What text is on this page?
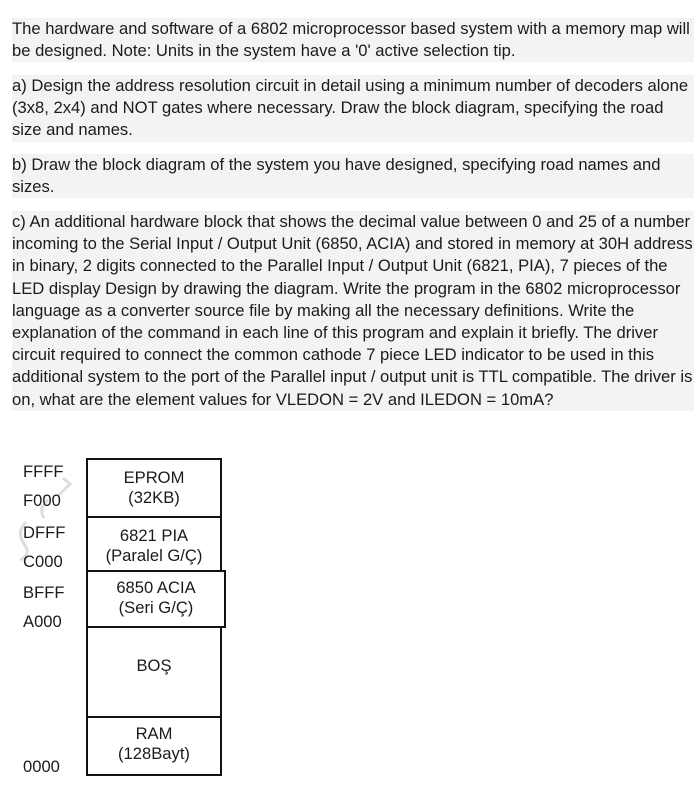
The hardware and software of a 6802 microprocessor based system with a memory map will be designed. Note: Units in the system have a '0' active selection tip.

a) Design the address resolution circuit in detail using a minimum number of decoders alone (3x8, 2x4) and NOT gates where necessary. Draw the block diagram, specifying the road size and names.

b) Draw the block diagram of the system you have designed, specifying road names and sizes.

c) An additional hardware block that shows the decimal value between 0 and 25 of a number incoming to the Serial Input / Output Unit (6850, ACIA) and stored in memory at 30H address in binary, 2 digits connected to the Parallel Input / Output Unit (6821, PIA), 7 pieces of the LED display Design by drawing the diagram. Write the program in the 6802 microprocessor language as a converter source file by making all the necessary definitions. Write the explanation of the command in each line of this program and explain it briefly. The driver circuit required to connect the common cathode 7 piece LED indicator to be used in this additional system to the port of the Parallel input / output unit is TTL compatible. The driver is on, what are the element values for VLEDON = 2V and ILEDON = 10mA?

FFFF
F000
DFFF
C000
BFFF
A000
0000
EPROM
(32KB)
6821 PIA
(Paralel G/Ç)
6850 ACIA
(Seri G/Ç)
BOŞ
RAM
(128Bayt)
